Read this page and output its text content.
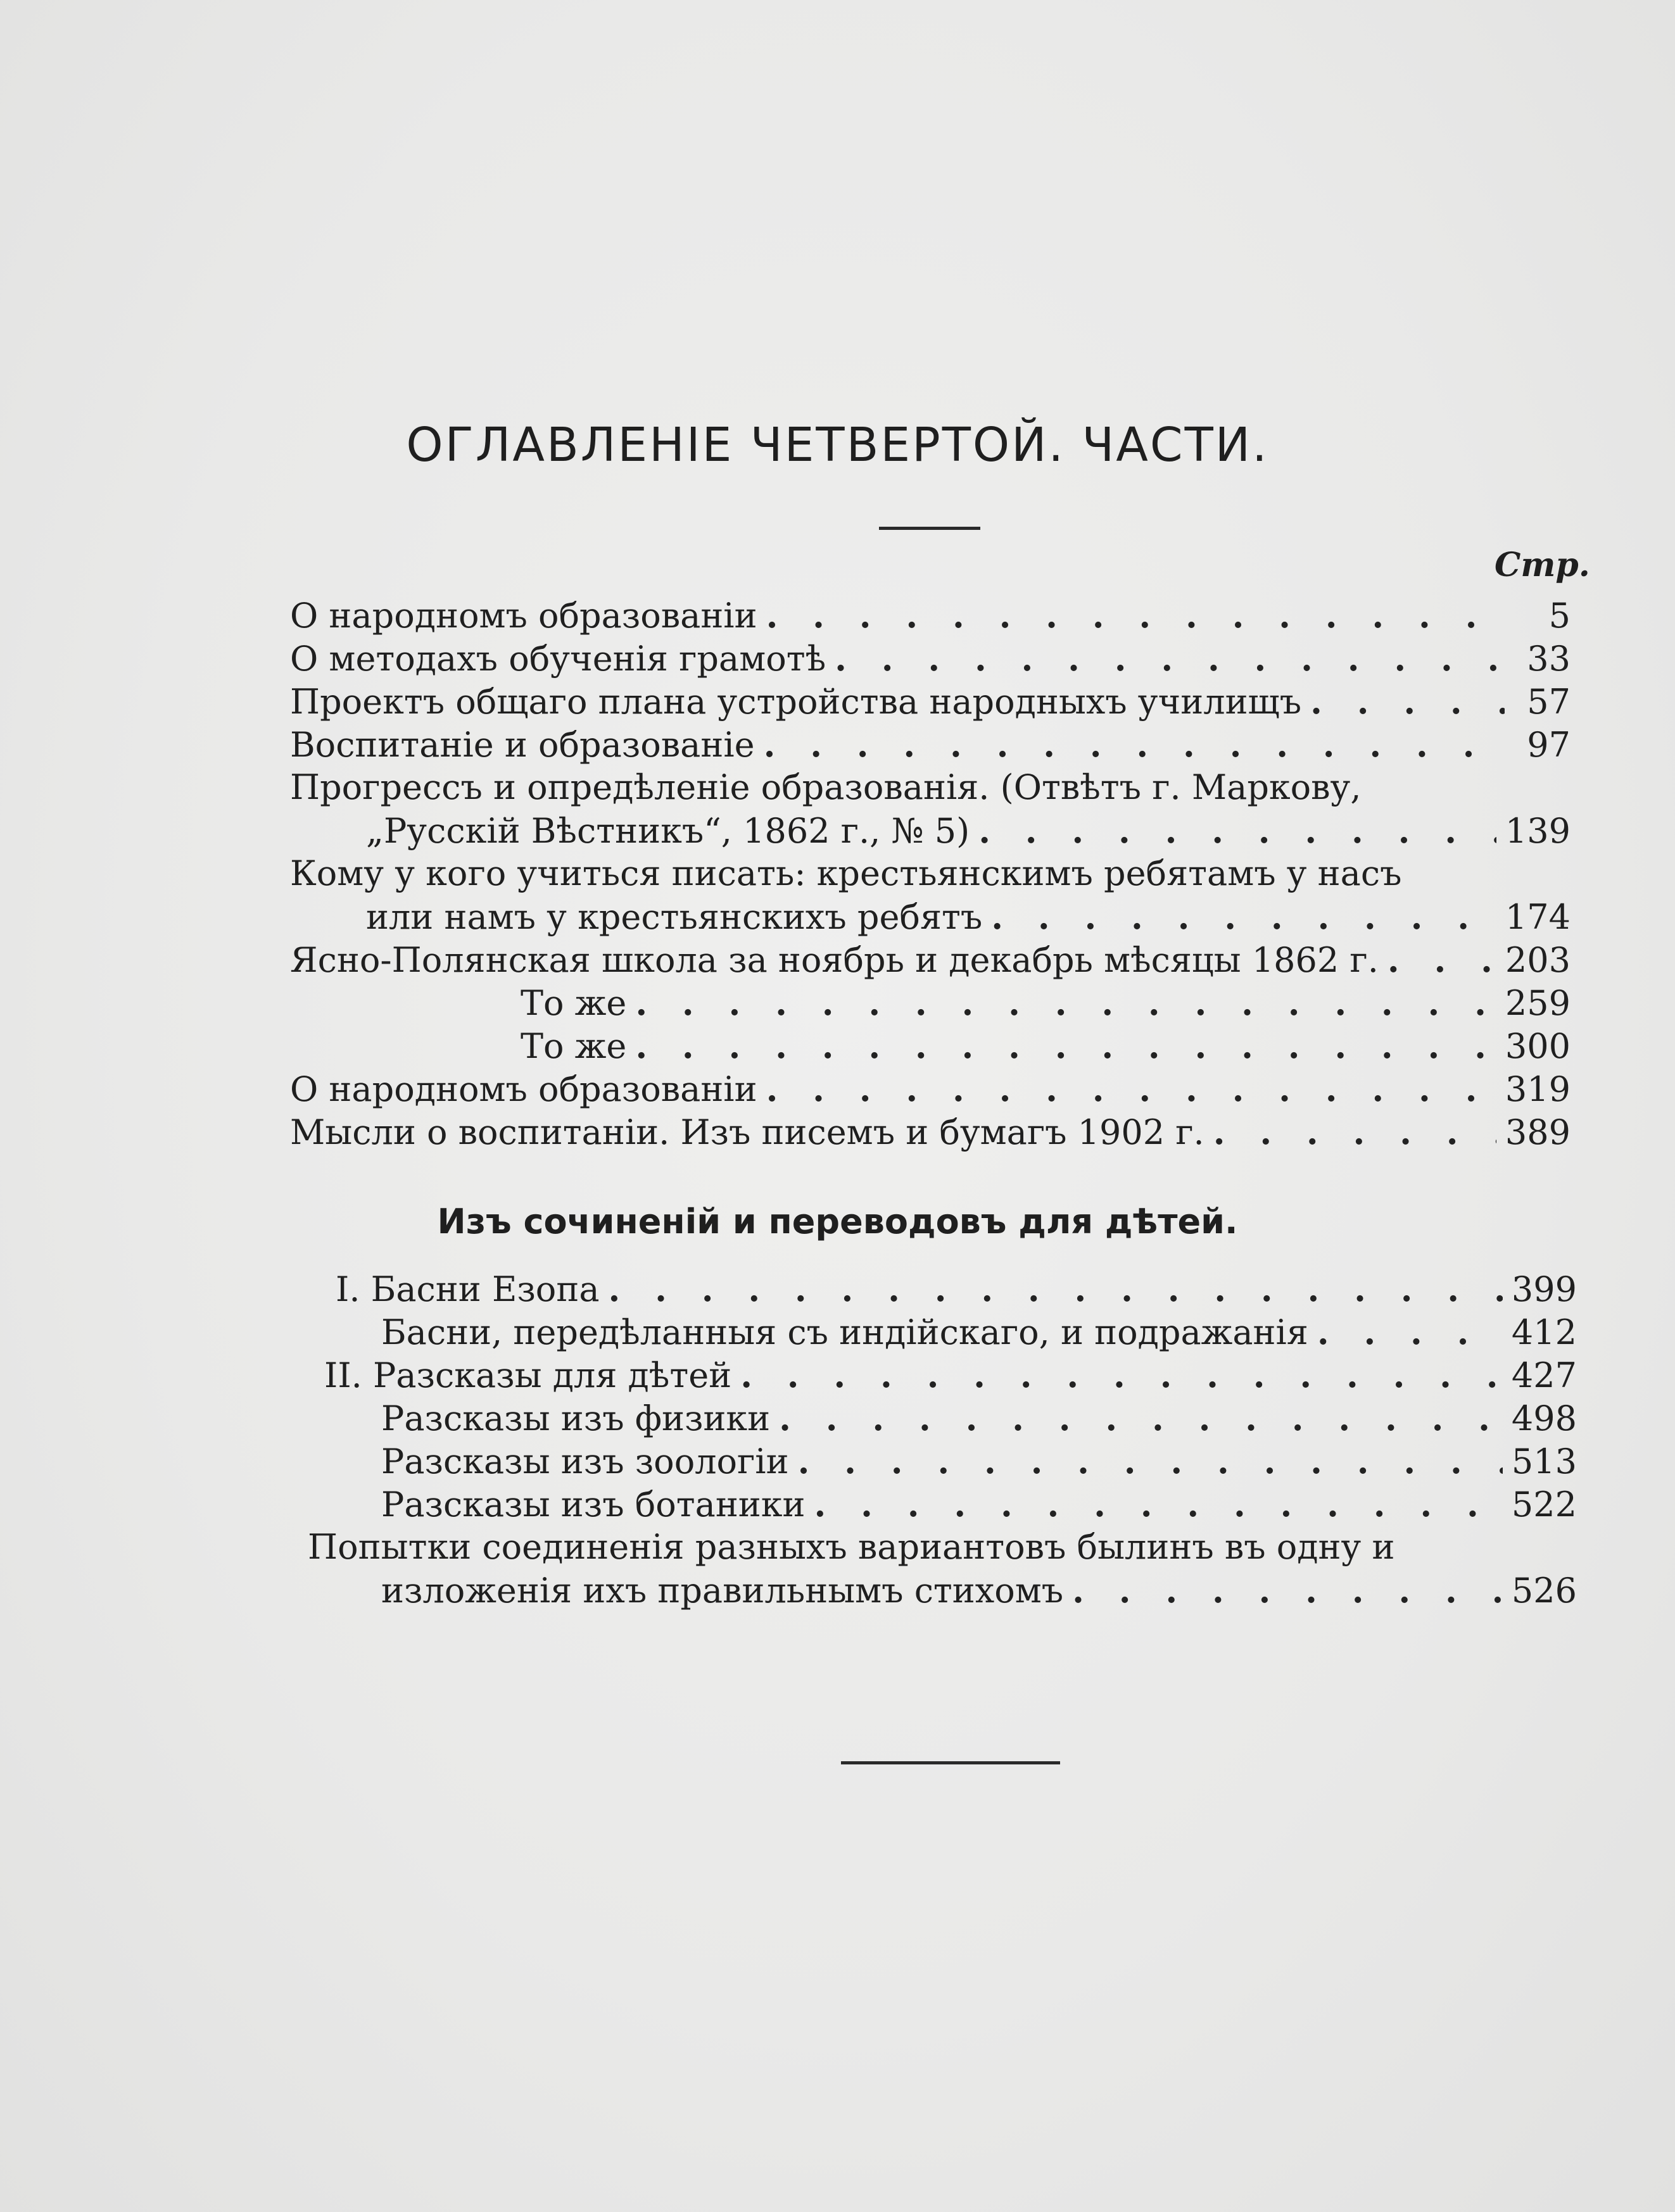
ОГЛАВЛЕНІЕ ЧЕТВЕРТОЙ. ЧАСТИ.
Стр.
О народномъ образованіи . . .	5
О методахъ обученія грамотѣ . . .	33
Проектъ общаго плана устройства народныхъ училищъ . . .	57
Воспитаніе и образованіе . . .	97
Прогрессъ и опредѣленіе образованія. (Отвѣтъ г. Маркову,
„Русскій Вѣстникъ“, 1862 г., № 5) . . .	139
Кому у кого учиться писать: крестьянскимъ ребятамъ у насъ
или намъ у крестьянскихъ ребятъ . . .	174
Ясно-Полянская школа за ноябрь и декабрь мѣсяцы 1862 г. . . .	203
То же . . .	259
То же . . .	300
О народномъ образованіи . . .	319
Мысли о воспитаніи. Изъ писемъ и бумагъ 1902 г. . . .	389
Изъ сочиненій и переводовъ для дѣтей.
I. Басни Езопа . . .	399
Басни, передѣланныя съ индійскаго, и подражанія . . .	412
II. Разсказы для дѣтей . . .	427
Разсказы изъ физики . . .	498
Разсказы изъ зоологіи . . .	513
Разсказы изъ ботаники . . .	522
Попытки соединенія разныхъ вариантовъ былинъ въ одну и
изложенія ихъ правильнымъ стихомъ . . .	526
